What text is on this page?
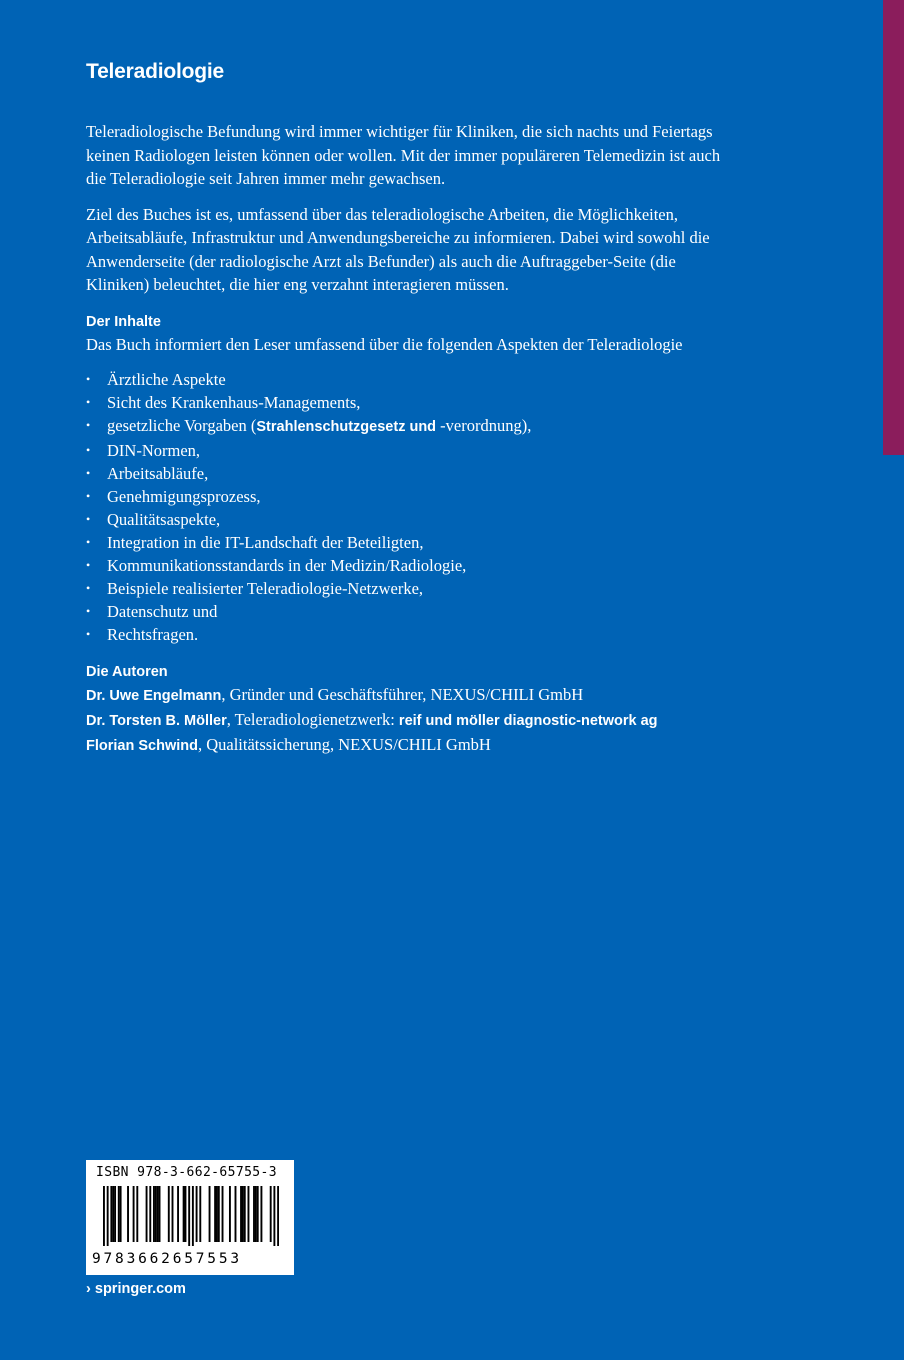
Teleradiologie

Teleradiologische Befundung wird immer wichtiger für Kliniken, die sich nachts und Feiertags keinen Radiologen leisten können oder wollen. Mit der immer populäreren Telemedizin ist auch die Teleradiologie seit Jahren immer mehr gewachsen.

Ziel des Buches ist es, umfassend über das teleradiologische Arbeiten, die Möglichkeiten, Arbeitsabläufe, Infrastruktur und Anwendungsbereiche zu informieren. Dabei wird sowohl die Anwenderseite (der radiologische Arzt als Befunder) als auch die Auftraggeber-Seite (die Kliniken) beleuchtet, die hier eng verzahnt interagieren müssen.

Der Inhalte

Das Buch informiert den Leser umfassend über die folgenden Aspekten der Teleradiologie

• Ärztliche Aspekte
• Sicht des Krankenhaus-Managements,
• gesetzliche Vorgaben (Strahlenschutzgesetz und -verordnung),
• DIN-Normen,
• Arbeitsabläufe,
• Genehmigungsprozess,
• Qualitätsaspekte,
• Integration in die IT-Landschaft der Beteiligten,
• Kommunikationsstandards in der Medizin/Radiologie,
• Beispiele realisierter Teleradiologie-Netzwerke,
• Datenschutz und
• Rechtsfragen.
Die Autoren

Dr. Uwe Engelmann, Gründer und Geschäftsführer, NEXUS/CHILI GmbH

Dr. Torsten B. Möller, Teleradiologienetzwerk: reif und möller diagnostic-network ag

Florian Schwind, Qualitätssicherung, NEXUS/CHILI GmbH

ISBN 978-3-662-65755-3
9783662657553
› springer.com
